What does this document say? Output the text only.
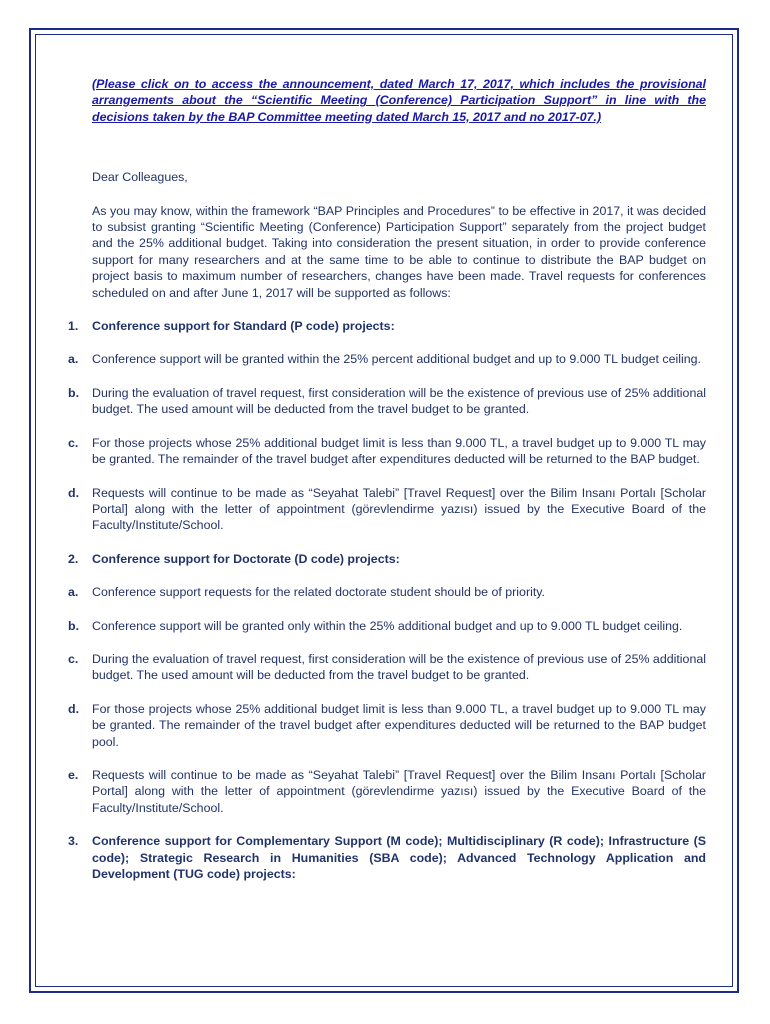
(Please click on to access the announcement, dated March 17, 2017, which includes the provisional arrangements about the “Scientific Meeting (Conference) Participation Support” in line with the decisions taken by the BAP Committee meeting dated March 15, 2017 and no 2017-07.)

Dear Colleagues,

As you may know, within the framework “BAP Principles and Procedures” to be effective in 2017, it was decided to subsist granting “Scientific Meeting (Conference) Participation Support” separately from the project budget and the 25% additional budget. Taking into consideration the present situation, in order to provide conference support for many researchers and at the same time to be able to continue to distribute the BAP budget on project basis to maximum number of researchers, changes have been made. Travel requests for conferences scheduled on and after June 1, 2017 will be supported as follows:

1.	Conference support for Standard (P code) projects:
a.	Conference support will be granted within the 25% percent additional budget and up to 9.000 TL budget ceiling.
b.	During the evaluation of travel request, first consideration will be the existence of previous use of 25% additional budget. The used amount will be deducted from the travel budget to be granted.
c.	For those projects whose 25% additional budget limit is less than 9.000 TL, a travel budget up to 9.000 TL may be granted. The remainder of the travel budget after expenditures deducted will be returned to the BAP budget.
d.	Requests will continue to be made as “Seyahat Talebi” [Travel Request] over the Bilim Insanı Portalı [Scholar Portal] along with the letter of appointment (görevlendirme yazısı) issued by the Executive Board of the Faculty/Institute/School.
2.	Conference support for Doctorate (D code) projects:
a.	Conference support requests for the related doctorate student should be of priority.
b.	Conference support will be granted only within the 25% additional budget and up to 9.000 TL budget ceiling.
c.	During the evaluation of travel request, first consideration will be the existence of previous use of 25% additional budget. The used amount will be deducted from the travel budget to be granted.
d.	For those projects whose 25% additional budget limit is less than 9.000 TL, a travel budget up to 9.000 TL may be granted. The remainder of the travel budget after expenditures deducted will be returned to the BAP budget pool.
e.	Requests will continue to be made as “Seyahat Talebi” [Travel Request] over the Bilim Insanı Portalı [Scholar Portal] along with the letter of appointment (görevlendirme yazısı) issued by the Executive Board of the Faculty/Institute/School.
3.	Conference support for Complementary Support (M code); Multidisciplinary (R code); Infrastructure (S code); Strategic Research in Humanities (SBA code); Advanced Technology Application and Development (TUG code) projects:
